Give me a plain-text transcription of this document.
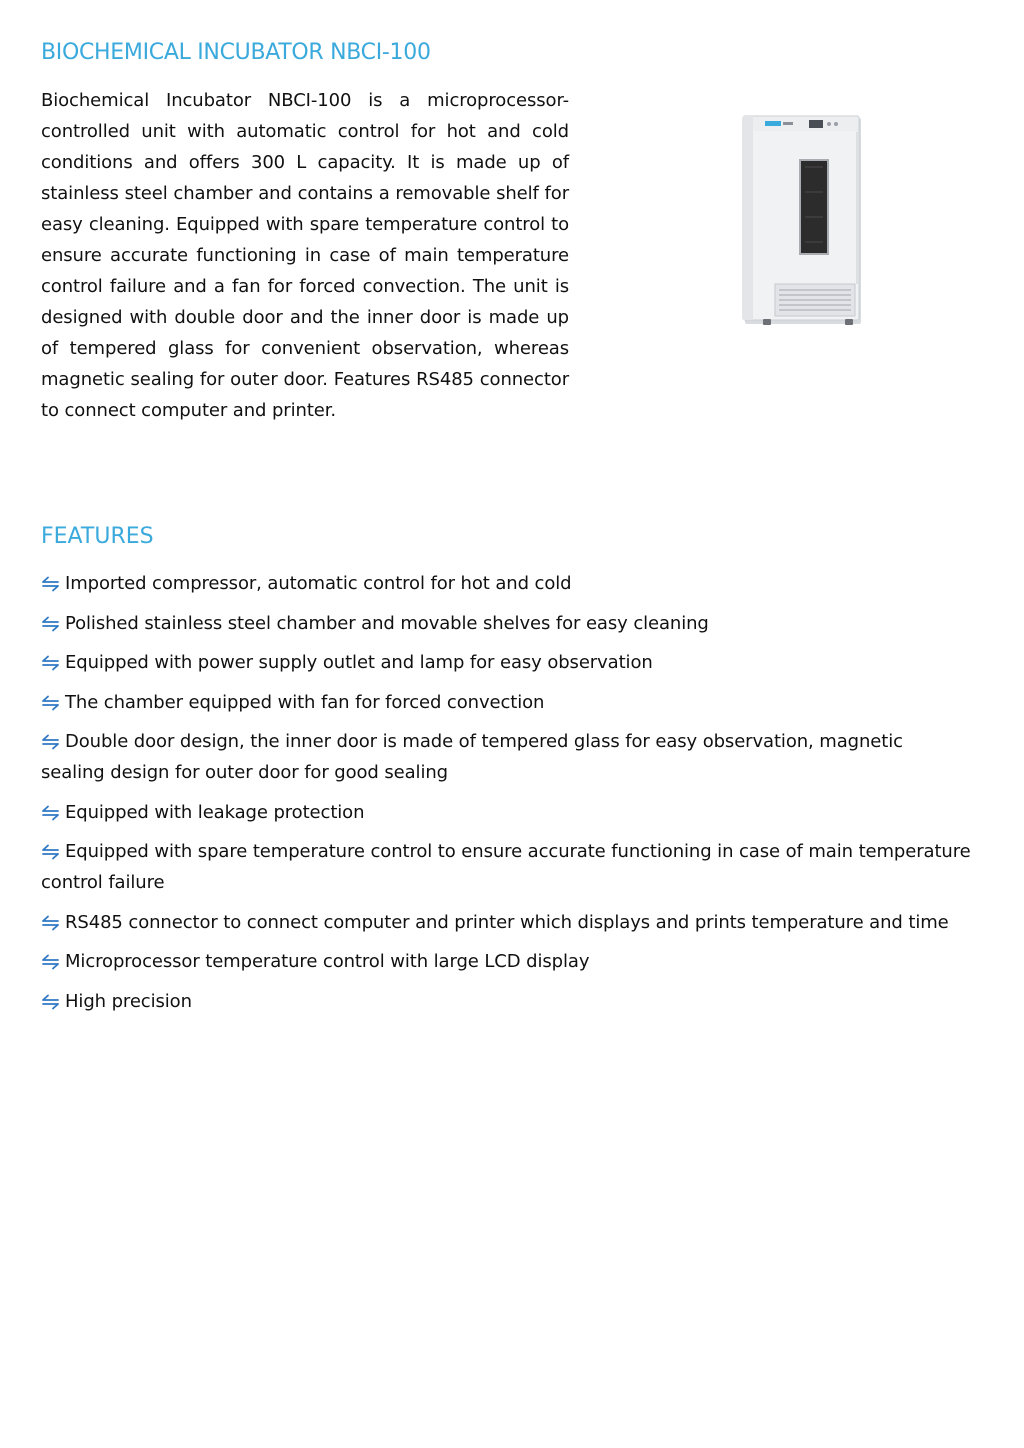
BIOCHEMICAL INCUBATOR NBCI-100

Biochemical Incubator NBCI-100 is a microprocessor-controlled unit with automatic control for hot and cold conditions and offers 300 L capacity. It is made up of stainless steel chamber and contains a removable shelf for easy cleaning. Equipped with spare temperature control to ensure accurate functioning in case of main temperature control failure and a fan for forced convection. The unit is designed with double door and the inner door is made up of tempered glass for convenient observation, whereas magnetic sealing for outer door. Features RS485 connector to connect computer and printer.

FEATURES
Imported compressor, automatic control for hot and cold
Polished stainless steel chamber and movable shelves for easy cleaning
Equipped with power supply outlet and lamp for easy observation
The chamber equipped with fan for forced convection
Double door design, the inner door is made of tempered glass for easy observation, magnetic sealing design for outer door for good sealing
Equipped with leakage protection
Equipped with spare temperature control to ensure accurate functioning in case of main temperature control failure
RS485 connector to connect computer and printer which displays and prints temperature and time
Microprocessor temperature control with large LCD display
High precision
